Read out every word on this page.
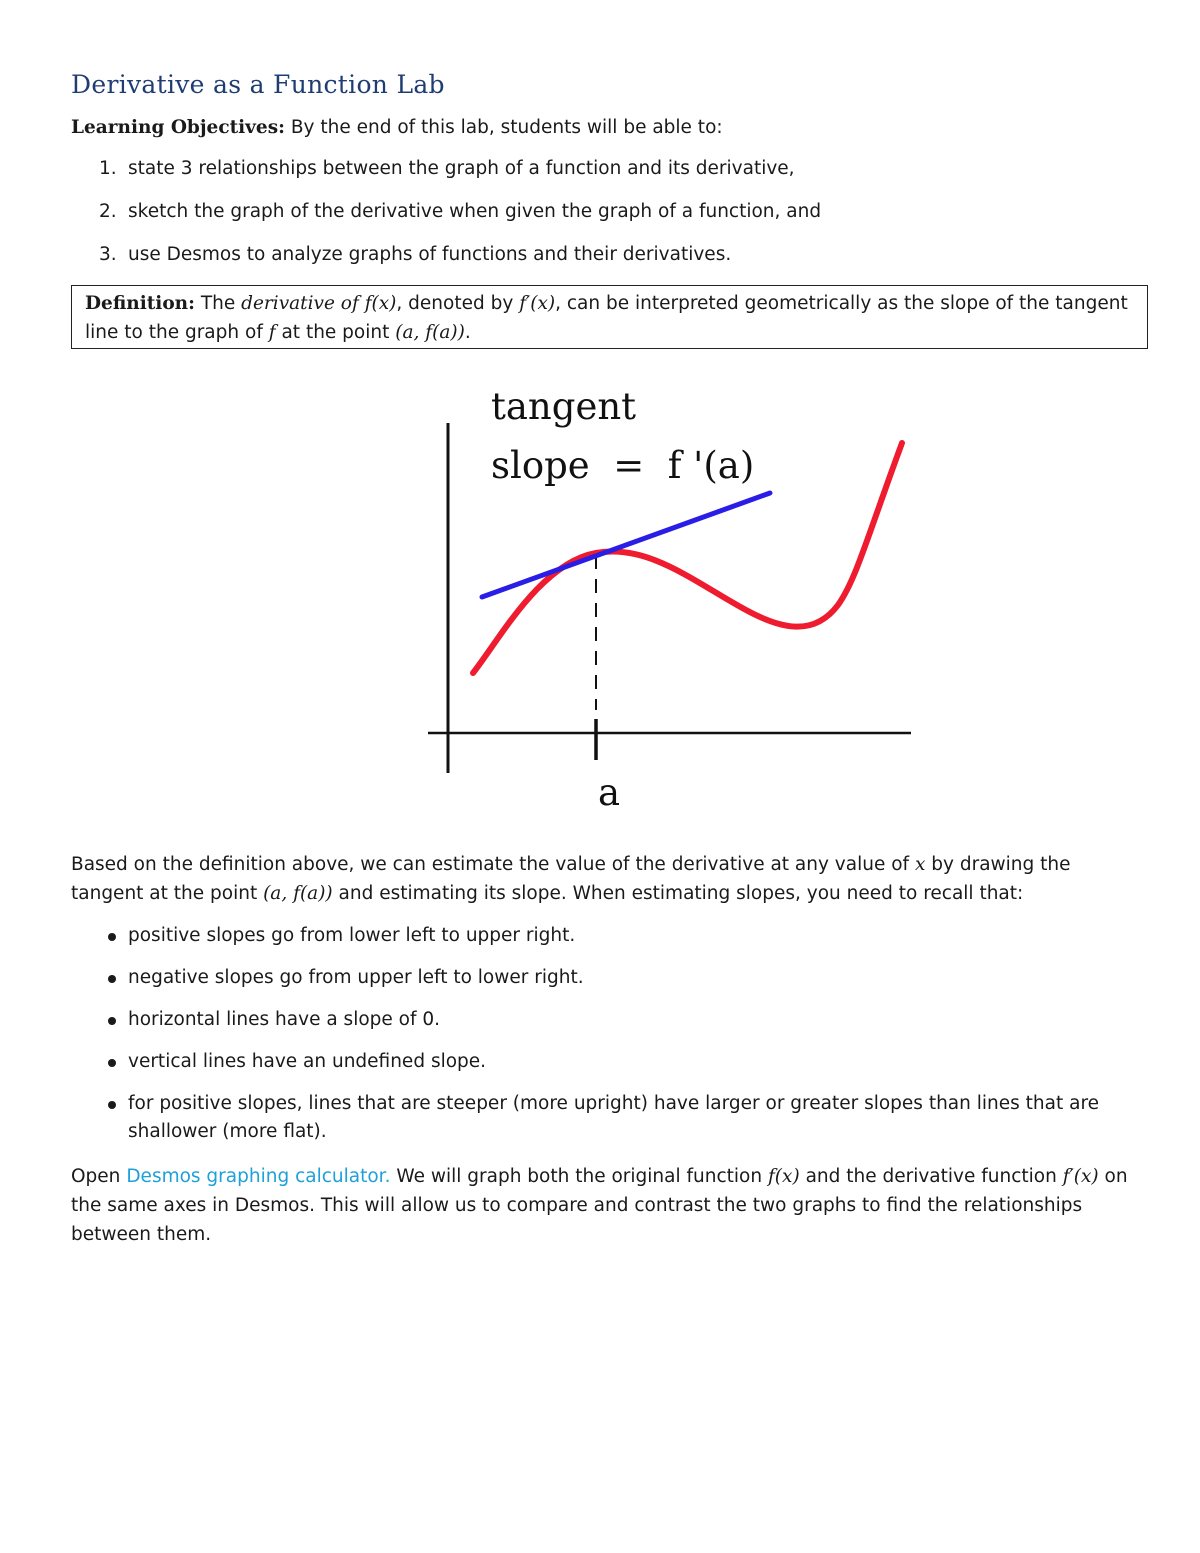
Derivative as a Function Lab
Learning Objectives: By the end of this lab, students will be able to:
1. state 3 relationships between the graph of a function and its derivative,
2. sketch the graph of the derivative when given the graph of a function, and
3. use Desmos to analyze graphs of functions and their derivatives.
Definition: The derivative of f(x), denoted by f′(x), can be interpreted geometrically as the slope of the tangent line to the graph of f at the point (a, f(a)).
tangent
slope  =  f '(a)
a
Based on the definition above, we can estimate the value of the derivative at any value of x by drawing the tangent at the point (a, f(a)) and estimating its slope. When estimating slopes, you need to recall that:
positive slopes go from lower left to upper right.
negative slopes go from upper left to lower right.
horizontal lines have a slope of 0.
vertical lines have an undefined slope.
for positive slopes, lines that are steeper (more upright) have larger or greater slopes than lines that are shallower (more flat).
Open Desmos graphing calculator. We will graph both the original function f(x) and the derivative function f′(x) on the same axes in Desmos. This will allow us to compare and contrast the two graphs to find the relationships between them.
